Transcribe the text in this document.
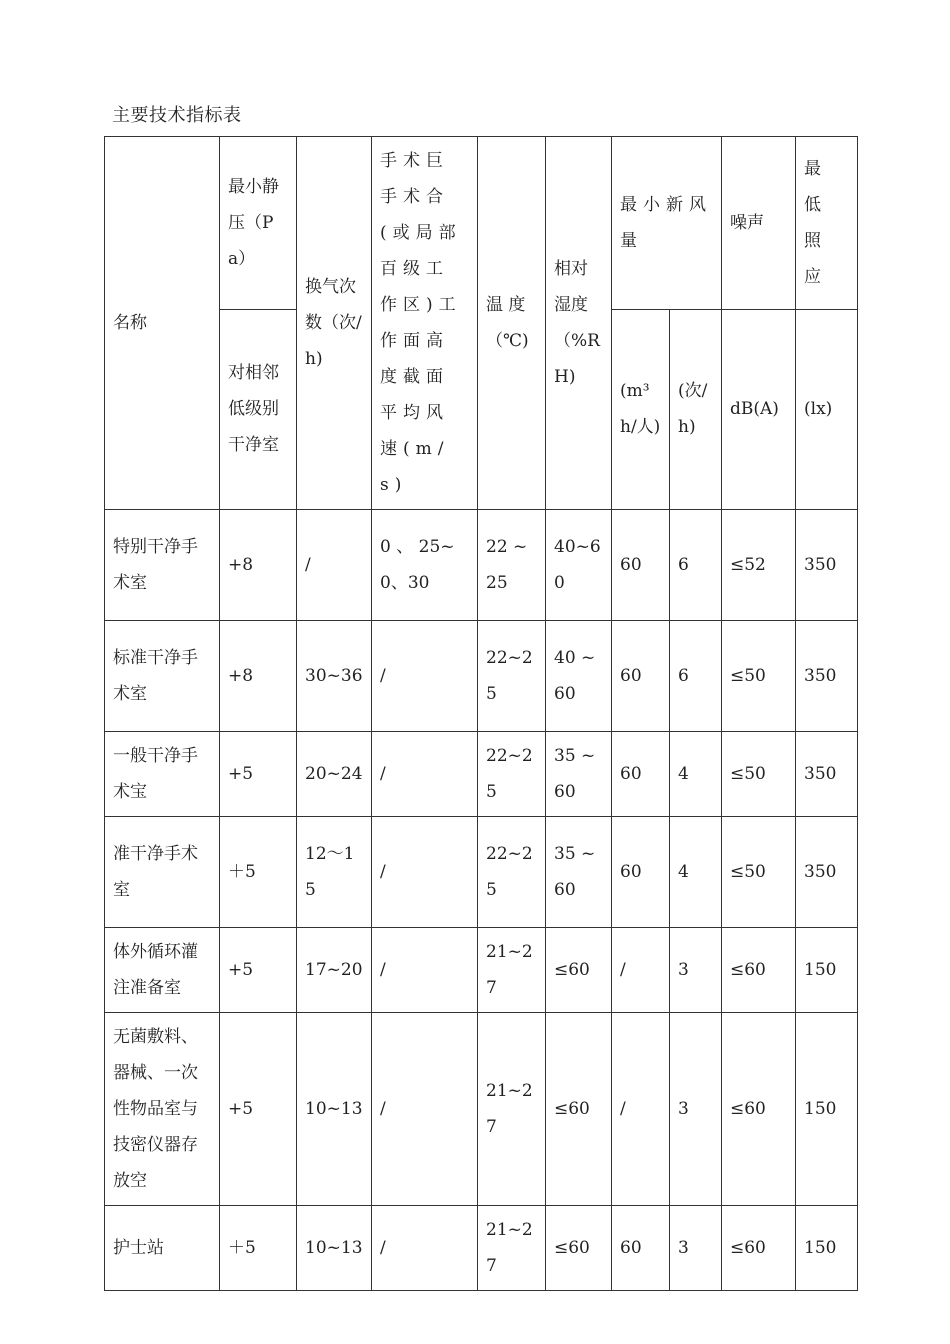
主要技术指标表
名称	最小静压（Pa）	换气次数（次/h)	手术巨手术合(或局部百级工作区)工作面高度截面平均风速(m/s)	温 度（℃)	相对湿度（%RH)	最小新风量		噪声	最低照应
	对相邻低级别干净室					(m³h/人)	(次/h)	dB(A)	(lx)
特别干净手术室	+8	/	0 、 25~0、30	22 ~25	40~60	60	6	≤52	350
标准干净手术室	+8	30~36	/	22~25	40 ~60	60	6	≤50	350
一般干净手术宝	+5	20~24	/	22~25	35 ~60	60	4	≤50	350
准干净手术室	＋5	12～15	/	22~25	35 ~60	60	4	≤50	350
体外循环灌注准备室	+5	17~20	/	21~27	≤60	/	3	≤60	150
无菌敷料、器械、一次性物品室与技密仪器存放空	+5	10~13	/	21~27	≤60	/	3	≤60	150
护士站	＋5	10~13	/	21~27	≤60	60	3	≤60	150
